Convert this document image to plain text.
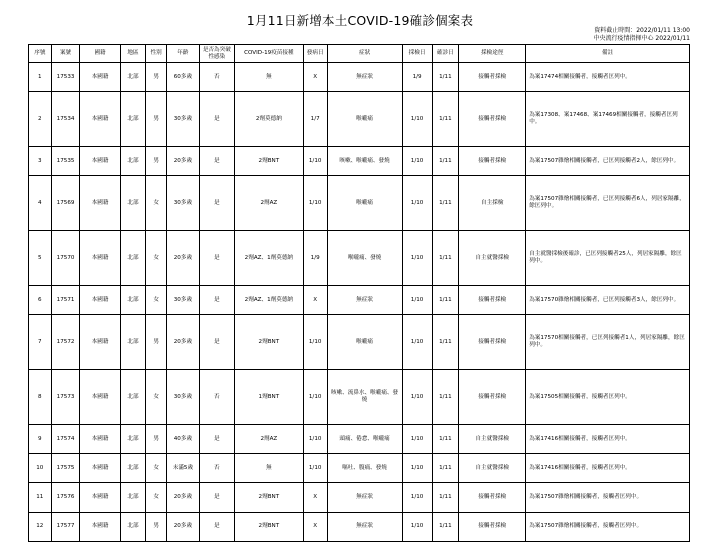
1月11日新增本土COVID-19確診個案表
資料截止時間：2022/01/11 13:00
中央流行疫情指揮中心 2022/01/11
序號	案號	國籍	地區	性別	年齡	是否為突破性感染	COVID-19疫苗接種	發病日	症狀	採檢日	確診日	採檢途徑	備註
1	17533	本國籍	北部	男	60多歲	否	無	X	無症狀	1/9	1/11	接觸者採檢	為案17474相關接觸者，接觸者匡列中。
2	17534	本國籍	北部	男	30多歲	是	2劑莫德納	1/7	喉嚨痛	1/10	1/11	接觸者採檢	為案17308、案17468、案17469相關接觸者，接觸者匡列中。
3	17535	本國籍	北部	男	20多歲	是	2劑BNT	1/10	咳嗽、喉嚨痛、發燒	1/10	1/11	接觸者採檢	為案17507雜燴相關接觸者，已匡列接觸者2人，餘匡列中。
4	17569	本國籍	北部	女	30多歲	是	2劑AZ	1/10	喉嚨痛	1/10	1/11	自主採檢	為案17507雜燴相關接觸者，已匡列接觸者6人，列居家隔離，餘匡列中。
5	17570	本國籍	北部	女	20多歲	是	2劑AZ、1劑莫德納	1/9	喉嚨痛、發燒	1/10	1/11	自主就醫採檢	自主就醫採檢後確診，已匡列接觸者25人，列居家隔離，餘匡列中。
6	17571	本國籍	北部	女	30多歲	是	2劑AZ、1劑莫德納	X	無症狀	1/10	1/11	接觸者採檢	為案17570雜燴相關接觸者，已匡列接觸者3人，餘匡列中。
7	17572	本國籍	北部	男	20多歲	是	2劑BNT	1/10	喉嚨痛	1/10	1/11	接觸者採檢	為案17570相關接觸者，已匡列接觸者1人，列居家隔離，餘匡列中。
8	17573	本國籍	北部	女	30多歲	否	1劑BNT	1/10	咳嗽、流鼻水、喉嚨痛、發燒	1/10	1/11	接觸者採檢	為案17505相關接觸者，接觸者匡列中。
9	17574	本國籍	北部	男	40多歲	是	2劑AZ	1/10	頭痛、倦怠、喉嚨痛	1/10	1/11	自主就醫採檢	為案17416相關接觸者，接觸者匡列中。
10	17575	本國籍	北部	女	未滿5歲	否	無	1/10	嘔吐、腹痛、發燒	1/10	1/11	自主就醫採檢	為案17416相關接觸者，接觸者匡列中。
11	17576	本國籍	北部	女	20多歲	是	2劑BNT	X	無症狀	1/10	1/11	接觸者採檢	為案17507雜燴相關接觸者，接觸者匡列中。
12	17577	本國籍	北部	男	20多歲	是	2劑BNT	X	無症狀	1/10	1/11	接觸者採檢	為案17507雜燴相關接觸者，接觸者匡列中。
